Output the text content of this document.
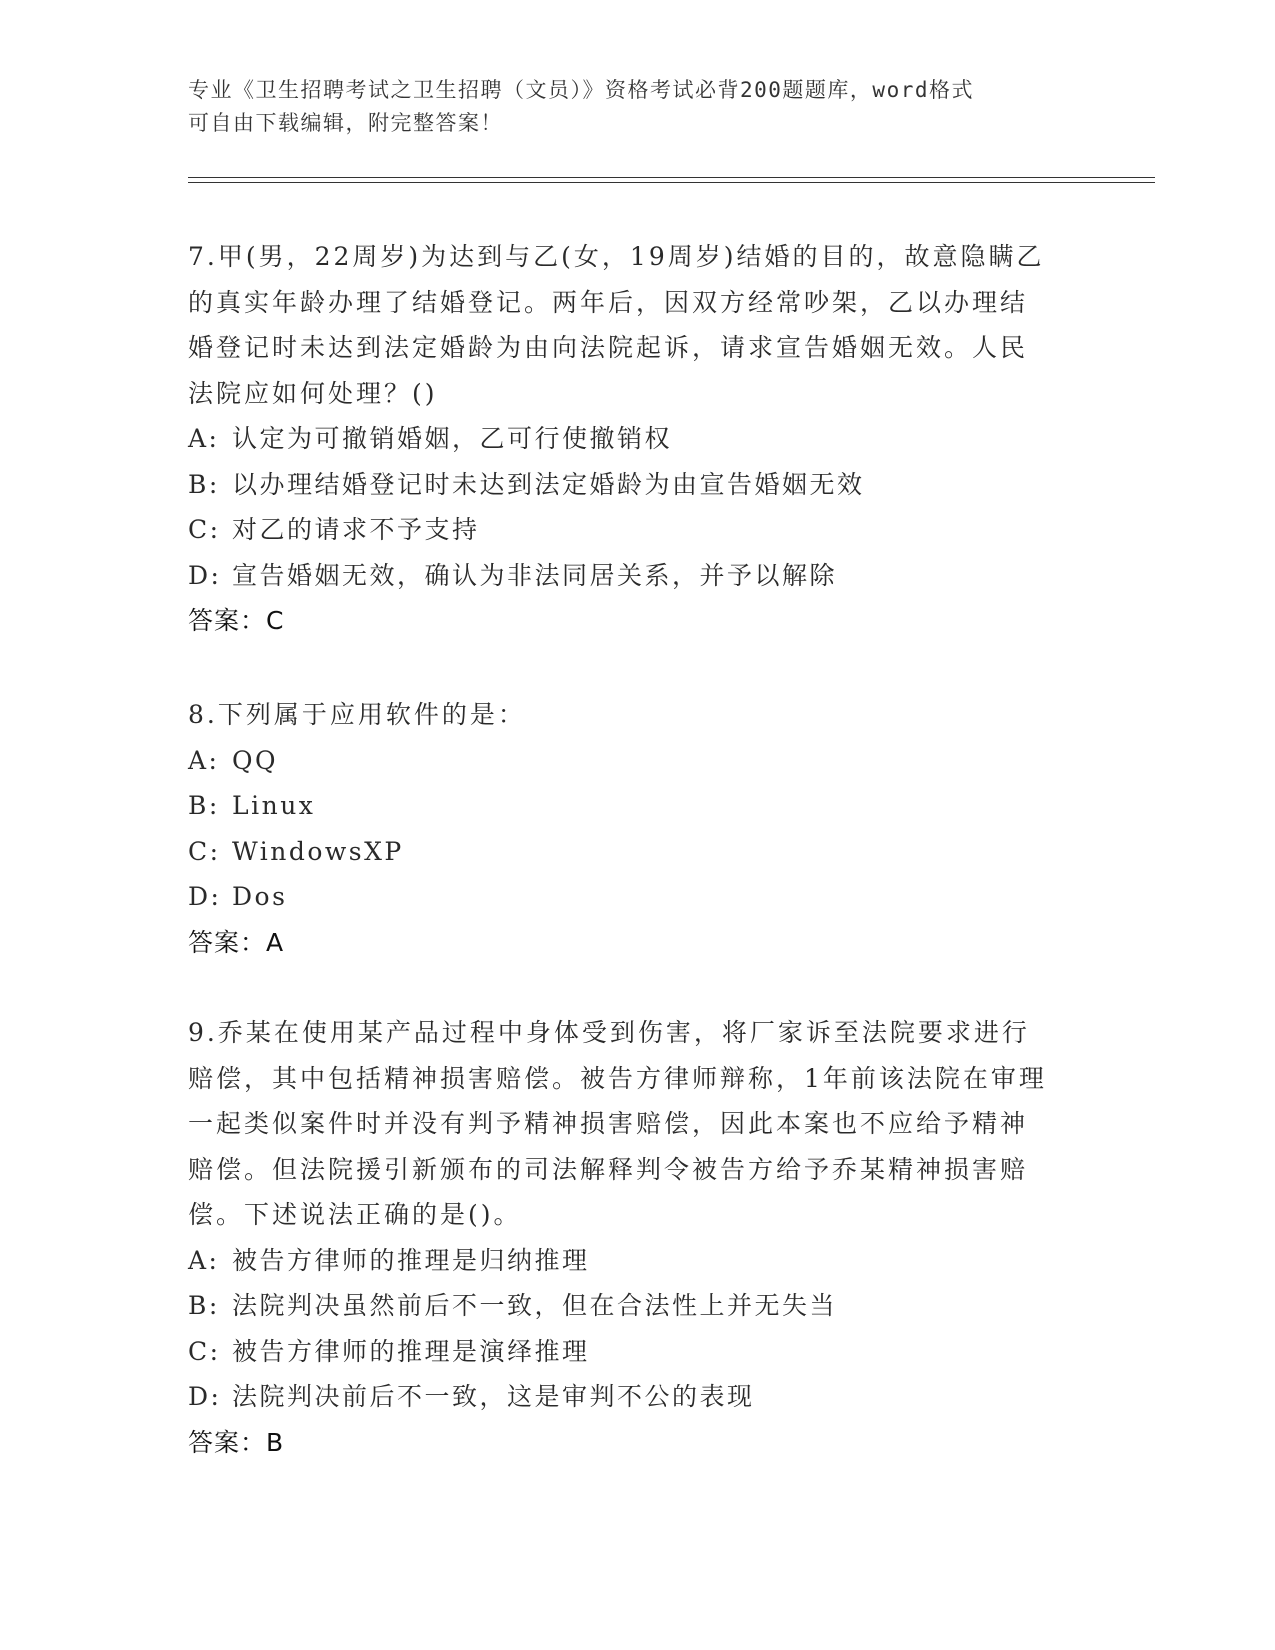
专业《卫生招聘考试之卫生招聘（文员）》资格考试必背200题题库，word格式
可自由下载编辑，附完整答案！

7.甲(男，22周岁)为达到与乙(女，19周岁)结婚的目的，故意隐瞒乙

的真实年龄办理了结婚登记。两年后，因双方经常吵架，乙以办理结

婚登记时未达到法定婚龄为由向法院起诉，请求宣告婚姻无效。人民

法院应如何处理？()

A: 认定为可撤销婚姻，乙可行使撤销权

B: 以办理结婚登记时未达到法定婚龄为由宣告婚姻无效

C: 对乙的请求不予支持

D: 宣告婚姻无效，确认为非法同居关系，并予以解除

答案：C

8.下列属于应用软件的是：

A: QQ

B: Linux

C: WindowsXP

D: Dos

答案：A

9.乔某在使用某产品过程中身体受到伤害，将厂家诉至法院要求进行

赔偿，其中包括精神损害赔偿。被告方律师辩称，1年前该法院在审理

一起类似案件时并没有判予精神损害赔偿，因此本案也不应给予精神

赔偿。但法院援引新颁布的司法解释判令被告方给予乔某精神损害赔

偿。下述说法正确的是()。

A: 被告方律师的推理是归纳推理

B: 法院判决虽然前后不一致，但在合法性上并无失当

C: 被告方律师的推理是演绎推理

D: 法院判决前后不一致，这是审判不公的表现

答案：B
